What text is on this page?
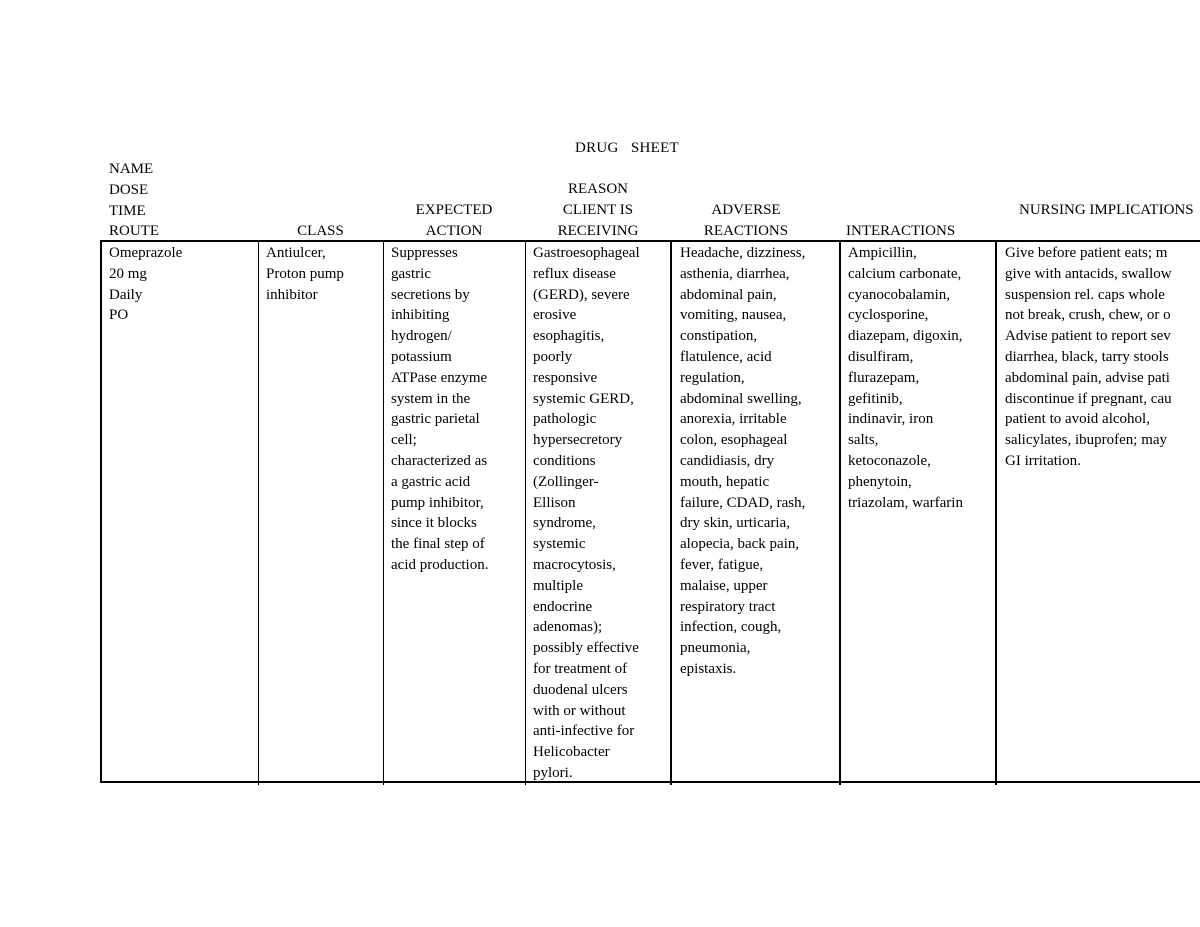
DRUG   SHEET
NAME
DOSE
TIME
ROUTE	CLASS
EXPECTED
ACTION
REASON
CLIENT IS
RECEIVING
ADVERSE
REACTIONS	INTERACTIONS
NURSING IMPLICATIONS
Omeprazole
20 mg
Daily
PO
Antiulcer,
Proton pump
inhibitor
Suppresses
gastric
secretions by
inhibiting
hydrogen/
potassium
ATPase enzyme
system in the
gastric parietal
cell;
characterized as
a gastric acid
pump inhibitor,
since it blocks
the final step of
acid production.
Gastroesophageal
reflux disease
(GERD), severe
erosive
esophagitis,
poorly
responsive
systemic GERD,
pathologic
hypersecretory
conditions
(Zollinger-
Ellison
syndrome,
systemic
macrocytosis,
multiple
endocrine
adenomas);
possibly effective
for treatment of
duodenal ulcers
with or without
anti-infective for
Helicobacter
pylori.
Headache, dizziness,
asthenia, diarrhea,
abdominal pain,
vomiting, nausea,
constipation,
flatulence, acid
regulation,
abdominal swelling,
anorexia, irritable
colon, esophageal
candidiasis, dry
mouth, hepatic
failure, CDAD, rash,
dry skin, urticaria,
alopecia, back pain,
fever, fatigue,
malaise, upper
respiratory tract
infection, cough,
pneumonia,
epistaxis.
Ampicillin,
calcium carbonate,
cyanocobalamin,
cyclosporine,
diazepam, digoxin,
disulfiram,
flurazepam,
gefitinib,
indinavir, iron
salts,
ketoconazole,
phenytoin,
triazolam, warfarin
Give before patient eats; m
give with antacids, swallow
suspension rel. caps whole
not break, crush, chew, or o
Advise patient to report sev
diarrhea, black, tarry stools
abdominal pain, advise pati
discontinue if pregnant, cau
patient to avoid alcohol,
salicylates, ibuprofen; may
GI irritation.
